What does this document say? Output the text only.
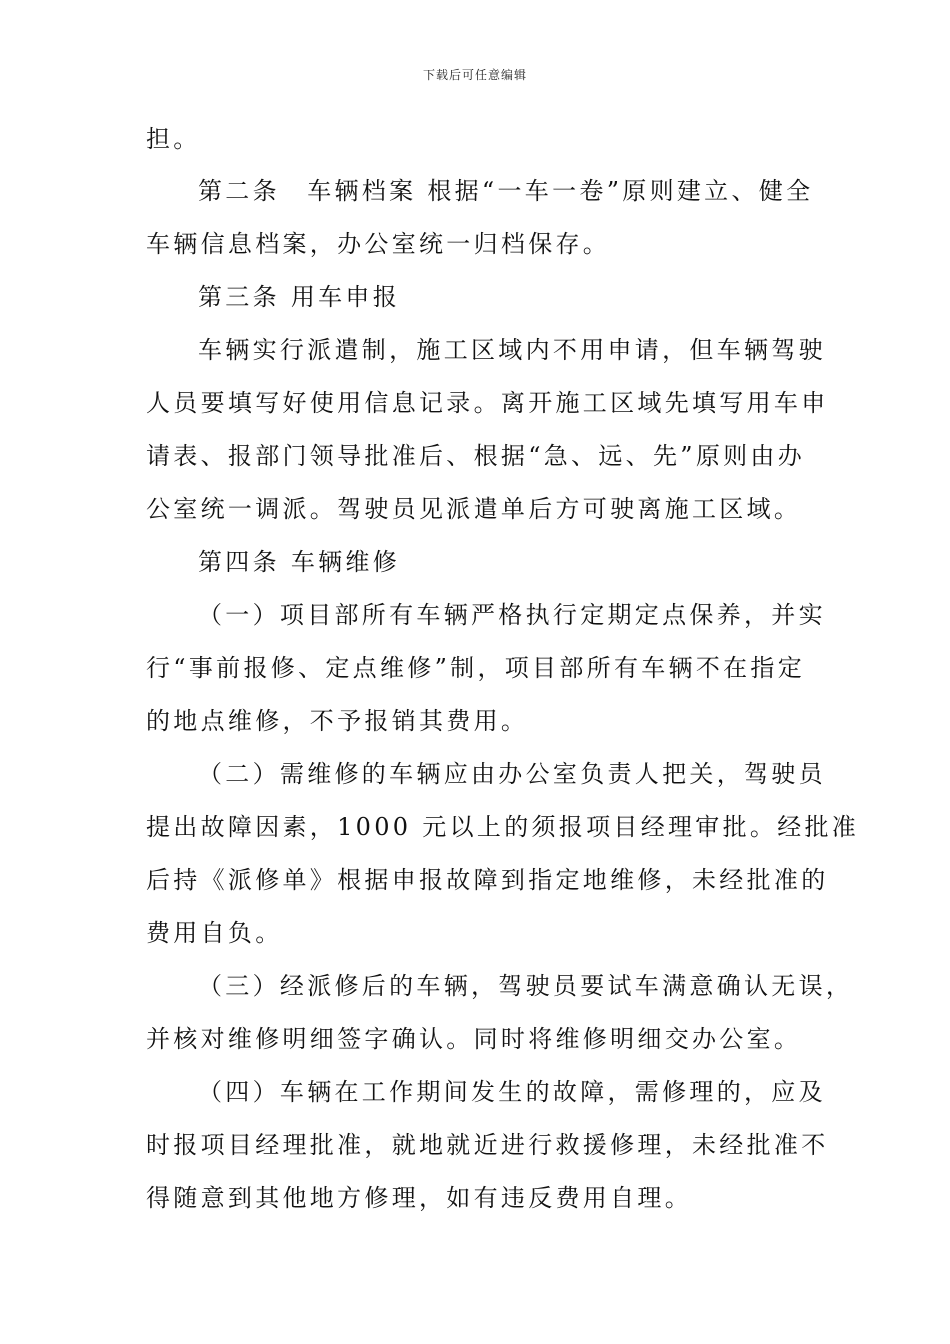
下载后可任意编辑
担。
第二条　车辆档案 根据“一车一卷”原则建立、健全
车辆信息档案，办公室统一归档保存。
第三条 用车申报
车辆实行派遣制，施工区域内不用申请，但车辆驾驶
人员要填写好使用信息记录。离开施工区域先填写用车申
请表、报部门领导批准后、根据“急、远、先”原则由办
公室统一调派。驾驶员见派遣单后方可驶离施工区域。
第四条 车辆维修
（一）项目部所有车辆严格执行定期定点保养，并实
行“事前报修、定点维修”制，项目部所有车辆不在指定
的地点维修，不予报销其费用。
（二）需维修的车辆应由办公室负责人把关，驾驶员
提出故障因素，1000 元以上的须报项目经理审批。经批准
后持《派修单》根据申报故障到指定地维修，未经批准的
费用自负。
（三）经派修后的车辆，驾驶员要试车满意确认无误，
并核对维修明细签字确认。同时将维修明细交办公室。
（四）车辆在工作期间发生的故障，需修理的，应及
时报项目经理批准，就地就近进行救援修理，未经批准不
得随意到其他地方修理，如有违反费用自理。
